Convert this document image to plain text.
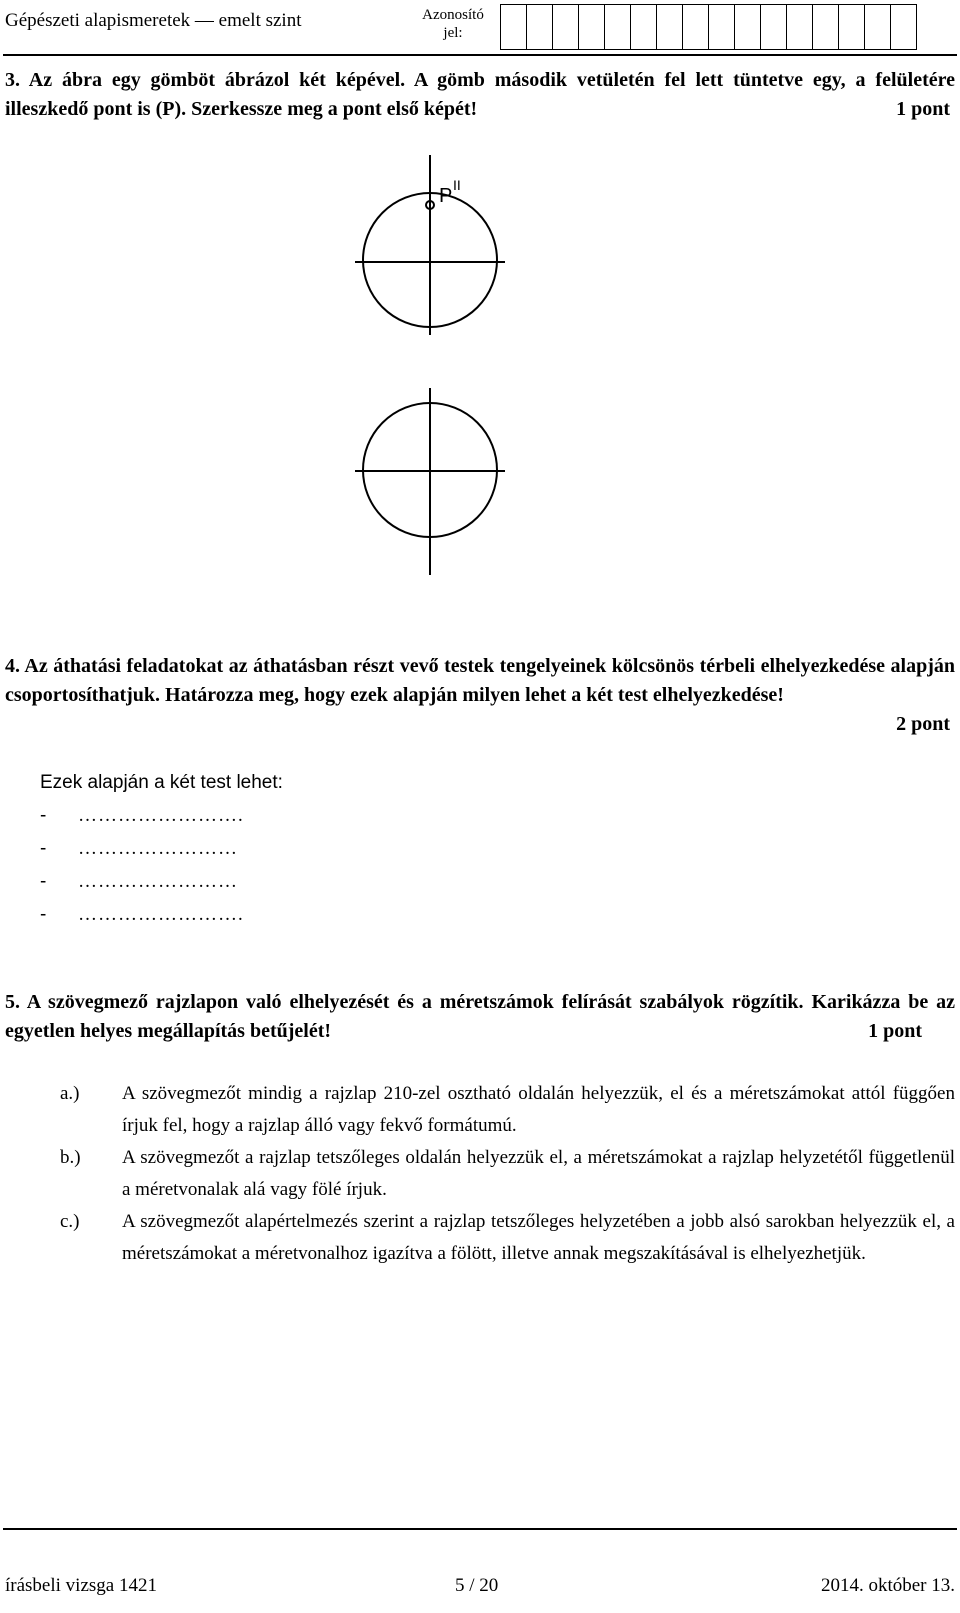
Gépészeti alapismeretek — emelt szint	Azonosító
jel:
3. Az ábra egy gömböt ábrázol két képével. A gömb második vetületén fel lett tüntetve egy, a felületére illeszkedő pont is (P). Szerkessze meg a pont első képét!	1 pont
P II
4. Az áthatási feladatokat az áthatásban részt vevő testek tengelyeinek kölcsönös térbeli elhelyezkedése alapján csoportosíthatjuk. Határozza meg, hogy ezek alapján milyen lehet a két test elhelyezkedése!
2 pont
Ezek alapján a két test lehet:
- …………………….
- ……………………
- ……………………
- …………………….
5. A szövegmező rajzlapon való elhelyezését és a méretszámok felírását szabályok rögzítik. Karikázza be az egyetlen helyes megállapítás betűjelét!	1 pont
a.)	A szövegmezőt mindig a rajzlap 210-zel osztható oldalán helyezzük, el és a méretszámokat attól függően írjuk fel, hogy a rajzlap álló vagy fekvő formátumú.
b.)	A szövegmezőt a rajzlap tetszőleges oldalán helyezzük el, a méretszámokat a rajzlap helyzetétől függetlenül a méretvonalak alá vagy fölé írjuk.
c.)	A szövegmezőt alapértelmezés szerint a rajzlap tetszőleges helyzetében a jobb alsó sarokban helyezzük el, a méretszámokat a méretvonalhoz igazítva a fölött, illetve annak megszakításával is elhelyezhetjük.
írásbeli vizsga 1421	5 / 20	2014. október 13.
